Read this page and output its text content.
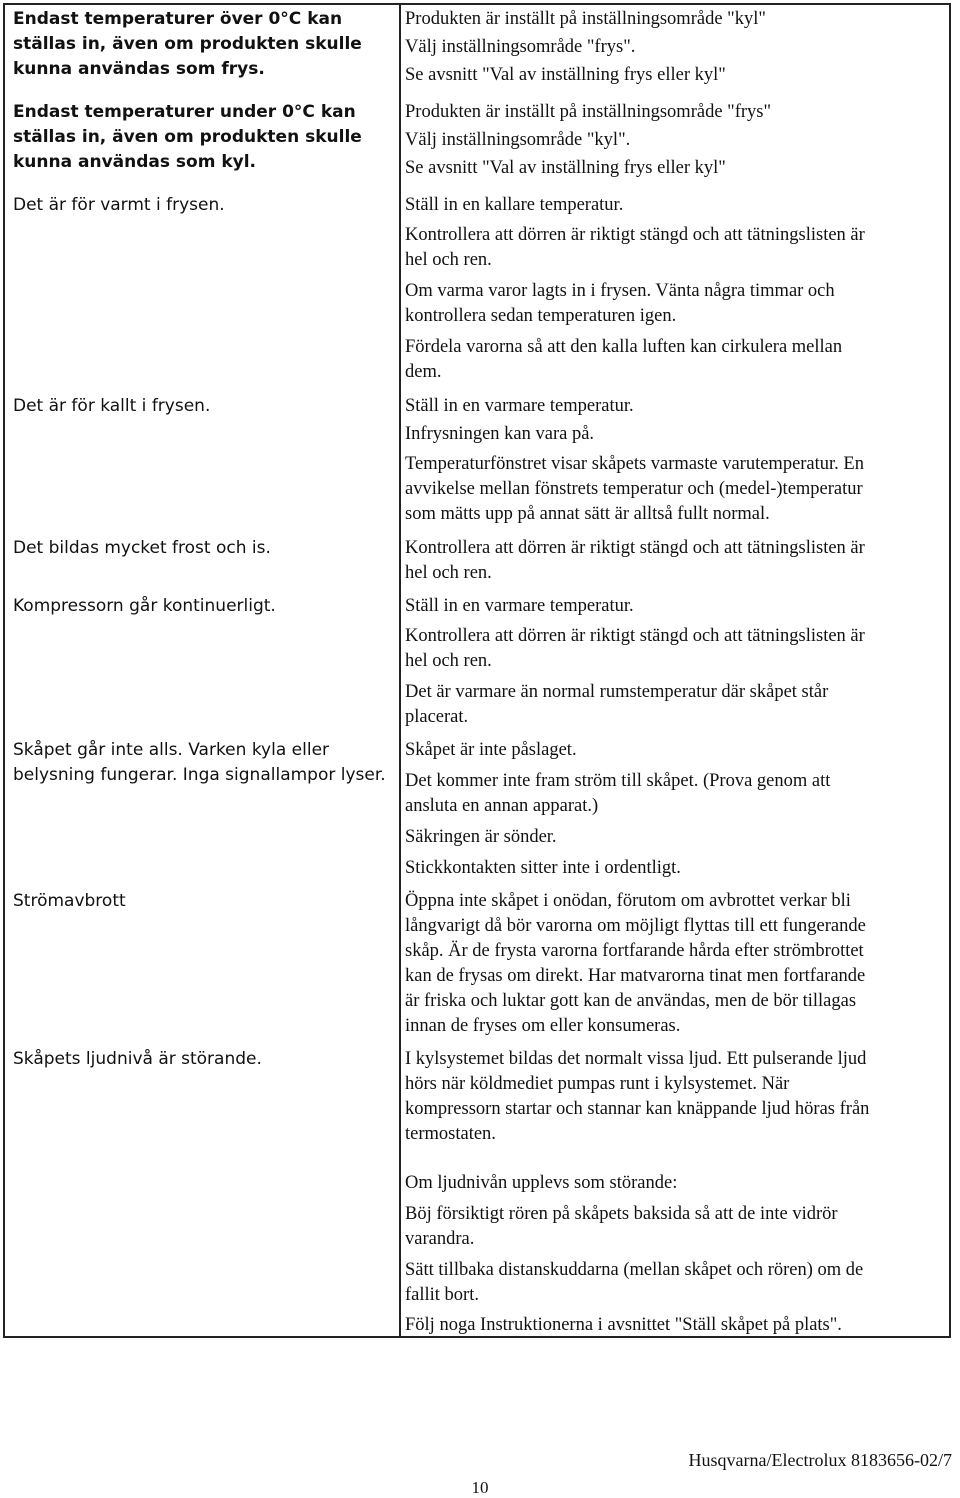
Endast temperaturer över 0°C kan ställas in, även om produkten skulle kunna användas som frys.
Endast temperaturer under 0°C kan ställas in, även om produkten skulle kunna användas som kyl.
Det är för varmt i frysen.
Det är för kallt i frysen.
Det bildas mycket frost och is.
Kompressorn går kontinuerligt.
Skåpet går inte alls. Varken kyla eller belysning fungerar. Inga signallampor lyser.
Strömavbrott
Skåpets ljudnivå är störande.
Produkten är inställt på inställningsområde "kyl"
Välj inställningsområde "frys".
Se avsnitt "Val av inställning frys eller kyl"
Produkten är inställt på inställningsområde "frys"
Välj inställningsområde "kyl".
Se avsnitt "Val av inställning frys eller kyl"
Ställ in en kallare temperatur.
Kontrollera att dörren är riktigt stängd och att tätningslisten är
hel och ren.
Om varma varor lagts in i frysen. Vänta några timmar och
kontrollera sedan temperaturen igen.
Fördela varorna så att den kalla luften kan cirkulera mellan
dem.
Ställ in en varmare temperatur.
Infrysningen kan vara på.
Temperaturfönstret visar skåpets varmaste varutemperatur. En
avvikelse mellan fönstrets temperatur och (medel-)temperatur
som mätts upp på annat sätt är alltså fullt normal.
Kontrollera att dörren är riktigt stängd och att tätningslisten är
hel och ren.
Ställ in en varmare temperatur.
Kontrollera att dörren är riktigt stängd och att tätningslisten är
hel och ren.
Det är varmare än normal rumstemperatur där skåpet står
placerat.
Skåpet är inte påslaget.
Det kommer inte fram ström till skåpet. (Prova genom att
ansluta en annan apparat.)
Säkringen är sönder.
Stickkontakten sitter inte i ordentligt.
Öppna inte skåpet i onödan, förutom om avbrottet verkar bli
långvarigt då bör varorna om möjligt flyttas till ett fungerande
skåp. Är de frysta varorna fortfarande hårda efter strömbrottet
kan de frysas om direkt. Har matvarorna tinat men fortfarande
är friska och luktar gott kan de användas, men de bör tillagas
innan de fryses om eller konsumeras.
I kylsystemet bildas det normalt vissa ljud. Ett pulserande ljud
hörs när köldmediet pumpas runt i kylsystemet. När
kompressorn startar och stannar kan knäppande ljud höras från
termostaten.
Om ljudnivån upplevs som störande:
Böj försiktigt rören på skåpets baksida så att de inte vidrör
varandra.
Sätt tillbaka distanskuddarna (mellan skåpet och rören) om de
fallit bort.
Följ noga Instruktionerna i avsnittet "Ställ skåpet på plats".
Husqvarna/Electrolux 8183656-02/7
10
